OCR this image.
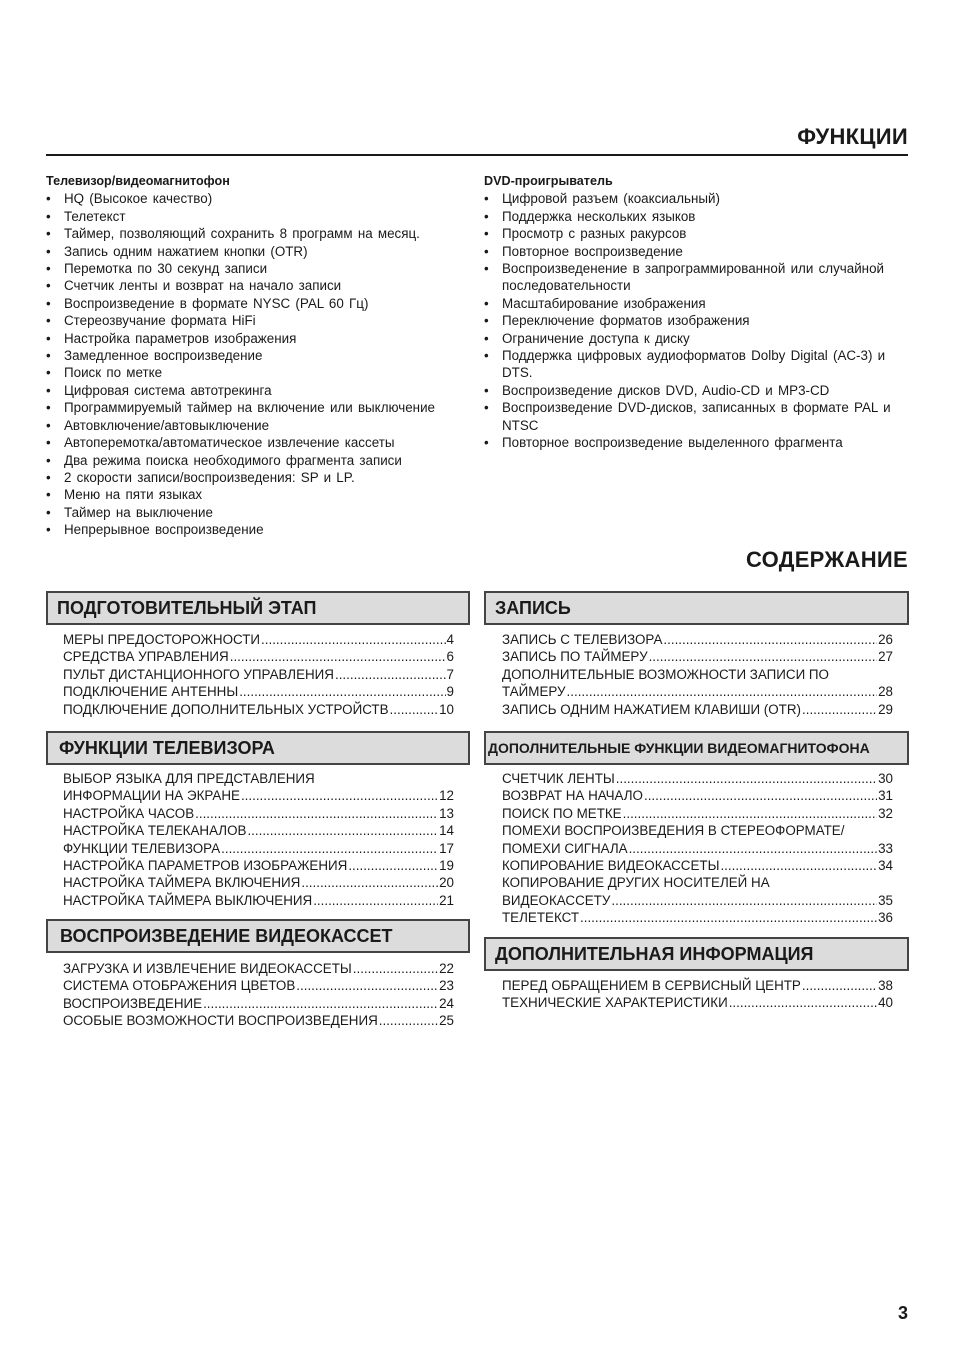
ФУНКЦИИ
Телевизор/видеомагнитофон
• HQ (Высокое качество)
• Телетекст
• Таймер, позволяющий сохранить 8 программ на месяц.
• Запись одним нажатием кнопки (OTR)
• Перемотка по 30 секунд записи
• Счетчик ленты и возврат на начало записи
• Воспроизведение в формате NYSC (PAL 60 Гц)
• Стереозвучание формата HiFi
• Настройка параметров изображения
• Замедленное воспроизведение
• Поиск по метке
• Цифровая система автотрекинга
• Программируемый таймер на включение или выключение
• Автовключение/автовыключение
• Автоперемотка/автоматическое извлечение кассеты
• Два режима поиска необходимого фрагмента записи
• 2 скорости записи/воспроизведения: SP и LP.
• Меню на пяти языках
• Таймер на выключение
• Непрерывное воспроизведение
DVD-проигрыватель
• Цифровой разъем (коаксиальный)
• Поддержка нескольких языков
• Просмотр с разных ракурсов
• Повторное воспроизведение
• Воспроизведенение в запрограммированной или случайной последовательности
• Масштабирование изображения
• Переключение форматов изображения
• Ограничение доступа к диску
• Поддержка цифровых аудиоформатов Dolby Digital (AC-3) и DTS.
• Воспроизведение дисков DVD, Audio-CD и MP3-CD
• Воспроизведение DVD-дисков, записанных в формате PAL и NTSC
• Повторное воспроизведение выделенного фрагмента
СОДЕРЖАНИЕ
ПОДГОТОВИТЕЛЬНЫЙ ЭТАП
МЕРЫ ПРЕДОСТОРОЖНОСТИ .....	4
СРЕДСТВА УПРАВЛЕНИЯ .....	6
ПУЛЬТ ДИСТАНЦИОННОГО УПРАВЛЕНИЯ .....	7
ПОДКЛЮЧЕНИЕ АНТЕННЫ .....	9
ПОДКЛЮЧЕНИЕ ДОПОЛНИТЕЛЬНЫХ УСТРОЙСТВ .....	10
ФУНКЦИИ ТЕЛЕВИЗОРА
ВЫБОР ЯЗЫКА ДЛЯ ПРЕДСТАВЛЕНИЯ
ИНФОРМАЦИИ НА ЭКРАНЕ .....	12
НАСТРОЙКА ЧАСОВ .....	13
НАСТРОЙКА ТЕЛЕКАНАЛОВ .....	14
ФУНКЦИИ ТЕЛЕВИЗОРА .....	17
НАСТРОЙКА ПАРАМЕТРОВ ИЗОБРАЖЕНИЯ .....	19
НАСТРОЙКА ТАЙМЕРА ВКЛЮЧЕНИЯ .....	20
НАСТРОЙКА ТАЙМЕРА ВЫКЛЮЧЕНИЯ .....	21
ВОСПРОИЗВЕДЕНИЕ ВИДЕОКАССЕТ
ЗАГРУЗКА И ИЗВЛЕЧЕНИЕ ВИДЕОКАССЕТЫ .....	22
СИСТЕМА ОТОБРАЖЕНИЯ ЦВЕТОВ .....	23
ВОСПРОИЗВЕДЕНИЕ .....	24
ОСОБЫЕ ВОЗМОЖНОСТИ ВОСПРОИЗВЕДЕНИЯ .....	25
ЗАПИСЬ
ЗАПИСЬ С ТЕЛЕВИЗОРА .....	26
ЗАПИСЬ ПО ТАЙМЕРУ .....	27
ДОПОЛНИТЕЛЬНЫЕ ВОЗМОЖНОСТИ ЗАПИСИ ПО
ТАЙМЕРУ .....	28
ЗАПИСЬ ОДНИМ НАЖАТИЕМ КЛАВИШИ (OTR) .....	29
ДОПОЛНИТЕЛЬНЫЕ ФУНКЦИИ ВИДЕОМАГНИТОФОНА
СЧЕТЧИК ЛЕНТЫ .....	30
ВОЗВРАТ НА НАЧАЛО .....	31
ПОИСК ПО МЕТКЕ .....	32
ПОМЕХИ ВОСПРОИЗВЕДЕНИЯ В СТЕРЕОФОРМАТЕ/
ПОМЕХИ СИГНАЛА .....	33
КОПИРОВАНИЕ ВИДЕОКАССЕТЫ .....	34
КОПИРОВАНИЕ ДРУГИХ НОСИТЕЛЕЙ НА
ВИДЕОКАССЕТУ .....	35
ТЕЛЕТЕКСТ .....	36
ДОПОЛНИТЕЛЬНАЯ ИНФОРМАЦИЯ
ПЕРЕД ОБРАЩЕНИЕМ В СЕРВИСНЫЙ ЦЕНТР .....	38
ТЕХНИЧЕСКИЕ ХАРАКТЕРИСТИКИ .....	40
3
